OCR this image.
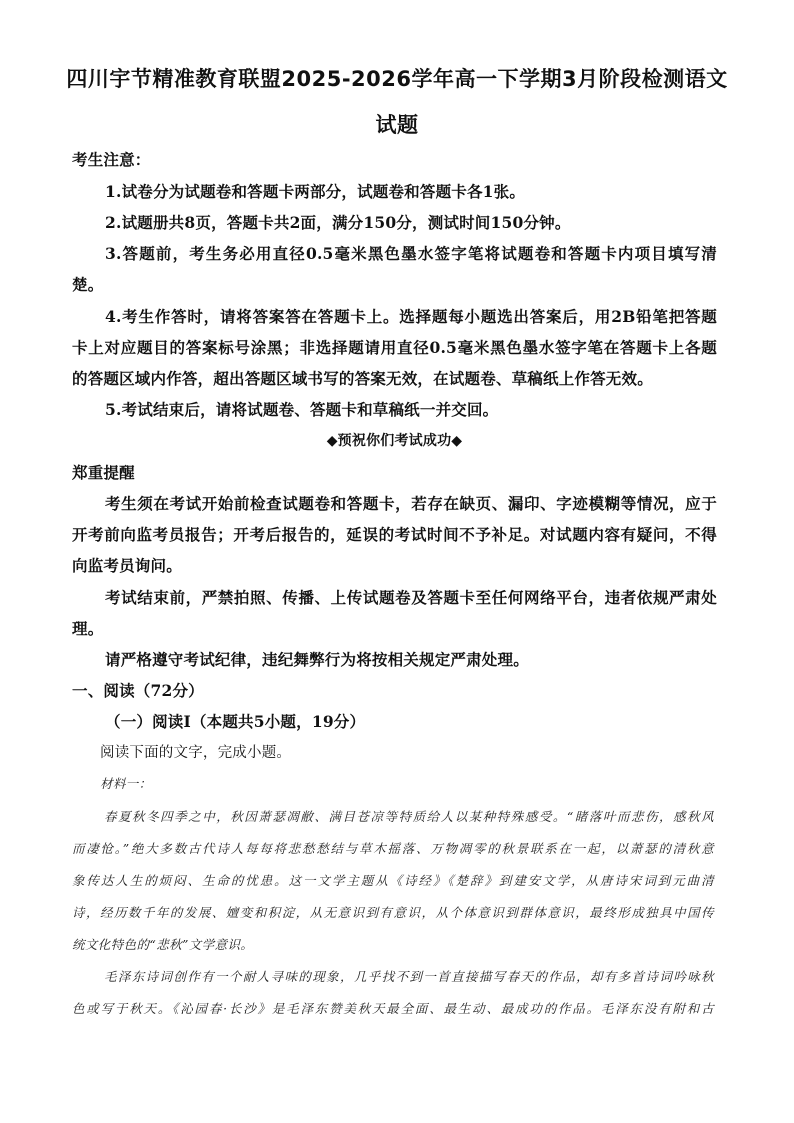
四川宇节精准教育联盟2025-2026学年高一下学期3月阶段检测语文
试题
考生注意：
1.试卷分为试题卷和答题卡两部分，试题卷和答题卡各1张。
2.试题册共8页，答题卡共2面，满分150分，测试时间150分钟。
3.答题前，考生务必用直径0.5毫米黑色墨水签字笔将试题卷和答题卡内项目填写清
楚。
4.考生作答时，请将答案答在答题卡上。选择题每小题选出答案后，用2B铅笔把答题
卡上对应题目的答案标号涂黑；非选择题请用直径0.5毫米黑色墨水签字笔在答题卡上各题
的答题区域内作答，超出答题区域书写的答案无效，在试题卷、草稿纸上作答无效。
5.考试结束后，请将试题卷、答题卡和草稿纸一并交回。
◆预祝你们考试成功◆
郑重提醒
考生须在考试开始前检查试题卷和答题卡，若存在缺页、漏印、字迹模糊等情况，应于
开考前向监考员报告；开考后报告的，延误的考试时间不予补足。对试题内容有疑问，不得
向监考员询问。
考试结束前，严禁拍照、传播、上传试题卷及答题卡至任何网络平台，违者依规严肃处
理。
请严格遵守考试纪律，违纪舞弊行为将按相关规定严肃处理。
一、阅读（72分）
（一）阅读Ⅰ（本题共5小题，19分）
阅读下面的文字，完成小题。
材料一：
春夏秋冬四季之中，秋因萧瑟凋敝、满目苍凉等特质给人以某种特殊感受。“睹落叶而悲伤，感秋风
而凄怆。”绝大多数古代诗人每每将悲愁愁结与草木摇落、万物凋零的秋景联系在一起，以萧瑟的清秋意
象传达人生的烦闷、生命的忧患。这一文学主题从《诗经》《楚辞》到建安文学，从唐诗宋词到元曲清
诗，经历数千年的发展、嬗变和积淀，从无意识到有意识，从个体意识到群体意识，最终形成独具中国传
统文化特色的“悲秋”文学意识。
毛泽东诗词创作有一个耐人寻味的现象，几乎找不到一首直接描写春天的作品，却有多首诗词吟咏秋
色或写于秋天。《沁园春·长沙》是毛泽东赞美秋天最全面、最生动、最成功的作品。毛泽东没有附和古
